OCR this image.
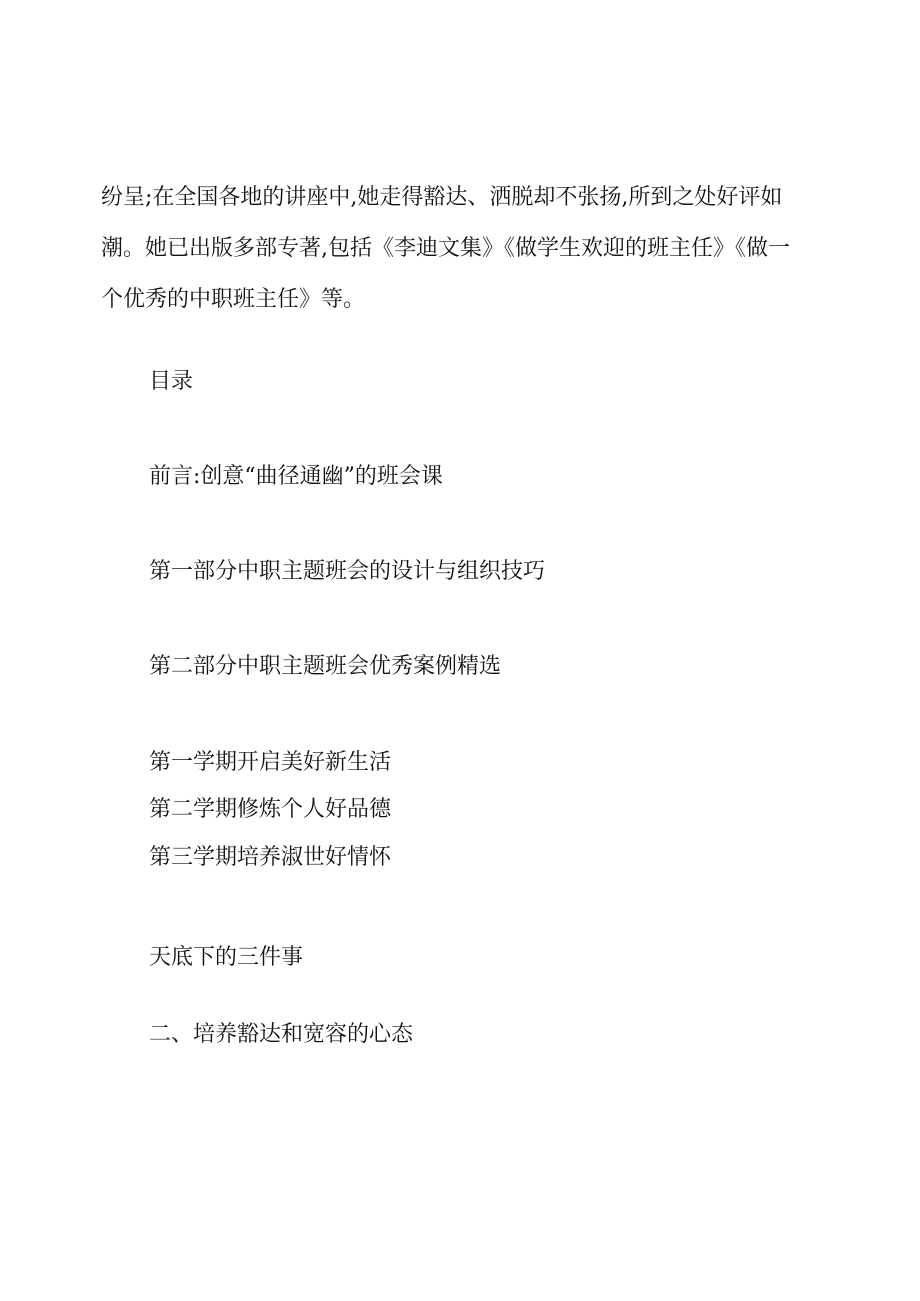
纷呈;在全国各地的讲座中,她走得豁达、洒脱却不张扬,所到之处好评如
潮。她已出版多部专著,包括《李迪文集》《做学生欢迎的班主任》《做一
个优秀的中职班主任》等。
目录
前言:创意“曲径通幽”的班会课
第一部分中职主题班会的设计与组织技巧
第二部分中职主题班会优秀案例精选
第一学期开启美好新生活
第二学期修炼个人好品德
第三学期培养淑世好情怀
天底下的三件事
二、培养豁达和宽容的心态
